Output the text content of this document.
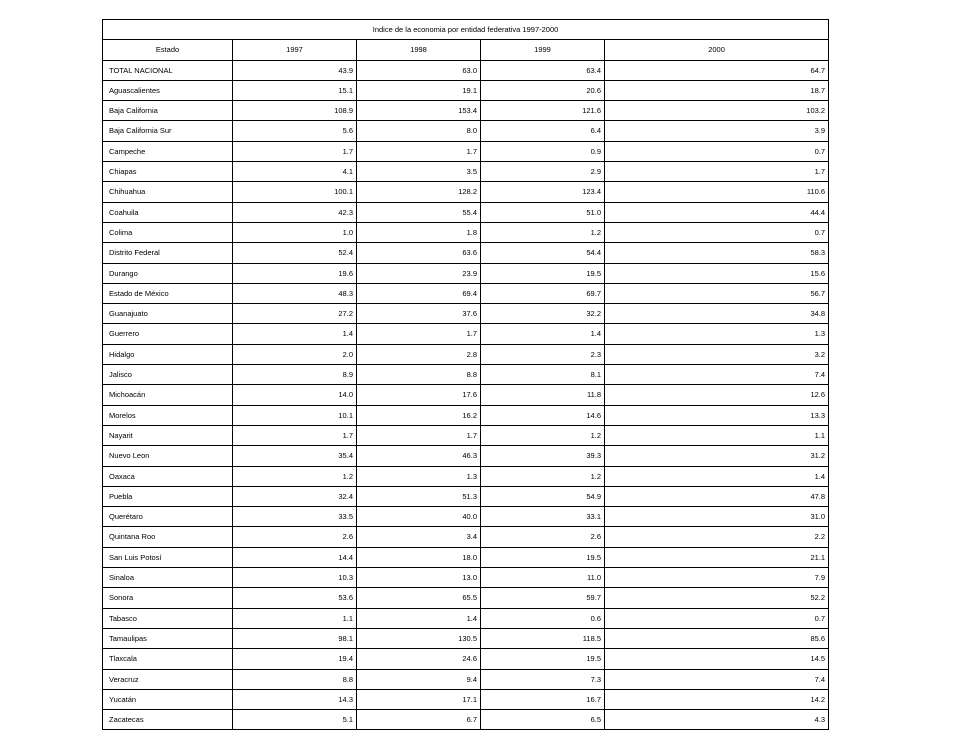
Indice de la economia por entidad federativa 1997-2000				
Estado	1997	1998	1999	2000
TOTAL NACIONAL	43.9	63.0	63.4	64.7
Aguascalientes	15.1	19.1	20.6	18.7
Baja California	108.9	153.4	121.6	103.2
Baja California Sur	5.6	8.0	6.4	3.9
Campeche	1.7	1.7	0.9	0.7
Chiapas	4.1	3.5	2.9	1.7
Chihuahua	100.1	128.2	123.4	110.6
Coahuila	42.3	55.4	51.0	44.4
Colima	1.0	1.8	1.2	0.7
Distrito Federal	52.4	63.6	54.4	58.3
Durango	19.6	23.9	19.5	15.6
Estado de México	48.3	69.4	69.7	56.7
Guanajuato	27.2	37.6	32.2	34.8
Guerrero	1.4	1.7	1.4	1.3
Hidalgo	2.0	2.8	2.3	3.2
Jalisco	8.9	8.8	8.1	7.4
Michoacán	14.0	17.6	11.8	12.6
Morelos	10.1	16.2	14.6	13.3
Nayarit	1.7	1.7	1.2	1.1
Nuevo Leon	35.4	46.3	39.3	31.2
Oaxaca	1.2	1.3	1.2	1.4
Puebla	32.4	51.3	54.9	47.8
Querétaro	33.5	40.0	33.1	31.0
Quintana Roo	2.6	3.4	2.6	2.2
San Luis Potosí	14.4	18.0	19.5	21.1
Sinaloa	10.3	13.0	11.0	7.9
Sonora	53.6	65.5	59.7	52.2
Tabasco	1.1	1.4	0.6	0.7
Tamaulipas	98.1	130.5	118.5	85.6
Tlaxcala	19.4	24.6	19.5	14.5
Veracruz	8.8	9.4	7.3	7.4
Yucatán	14.3	17.1	16.7	14.2
Zacatecas	5.1	6.7	6.5	4.3
